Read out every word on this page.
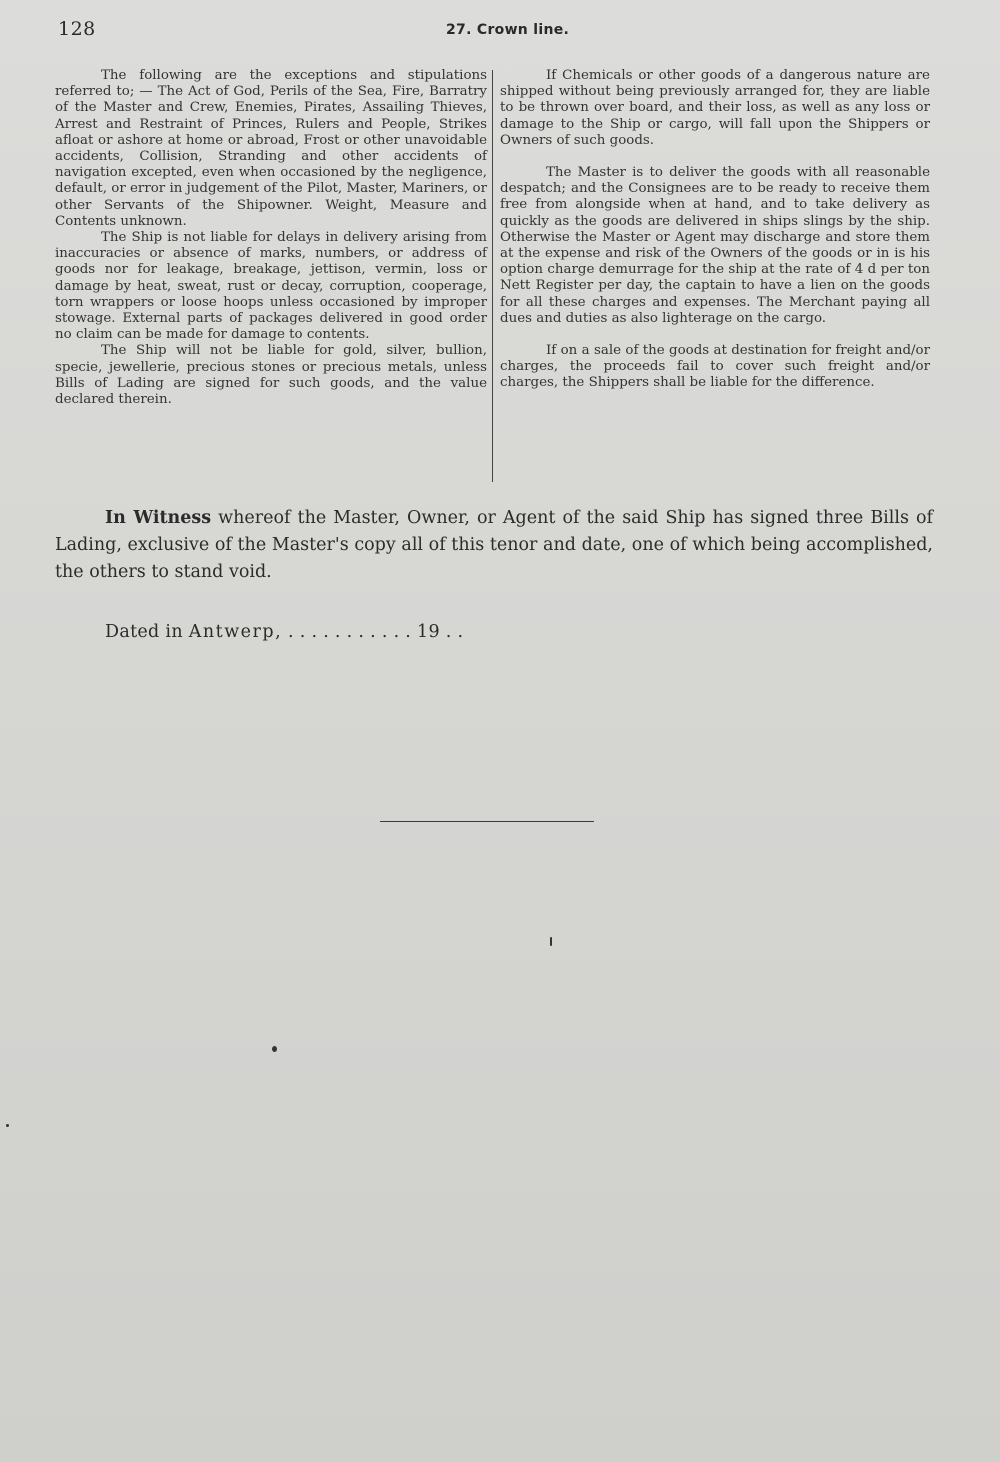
128	27. Crown line.

The following are the exceptions and stipulations referred to; — The Act of God, Perils of the Sea, Fire, Barratry of the Master and Crew, Enemies, Pirates, Assailing Thieves, Arrest and Restraint of Princes, Rulers and People, Strikes afloat or ashore at home or abroad, Frost or other unavoidable accidents, Collision, Stranding and other accidents of navigation excepted, even when occasioned by the negligence, default, or error in judgement of the Pilot, Master, Mariners, or other Servants of the Shipowner. Weight, Measure and Contents unknown.

The Ship is not liable for delays in delivery arising from inaccuracies or absence of marks, numbers, or address of goods nor for leakage, breakage, jettison, vermin, loss or damage by heat, sweat, rust or decay, corruption, cooperage, torn wrappers or loose hoops unless occasioned by improper stowage. External parts of packages delivered in good order no claim can be made for damage to contents.

The Ship will not be liable for gold, silver, bullion, specie, jewellerie, precious stones or precious metals, unless Bills of Lading are signed for such goods, and the value declared therein.

If Chemicals or other goods of a dangerous nature are shipped without being previously arranged for, they are liable to be thrown over board, and their loss, as well as any loss or damage to the Ship or cargo, will fall upon the Shippers or Owners of such goods.

The Master is to deliver the goods with all reasonable despatch; and the Consignees are to be ready to receive them free from alongside when at hand, and to take delivery as quickly as the goods are delivered in ships slings by the ship. Otherwise the Master or Agent may discharge and store them at the expense and risk of the Owners of the goods or in is his option charge demurrage for the ship at the rate of 4 d per ton Nett Register per day, the captain to have a lien on the goods for all these charges and expenses. The Merchant paying all dues and duties as also lighterage on the cargo.

If on a sale of the goods at destination for freight and/or charges, the proceeds fail to cover such freight and/or charges, the Shippers shall be liable for the difference.

In Witness whereof the Master, Owner, or Agent of the said Ship has signed three Bills of Lading, exclusive of the Master's copy all of this tenor and date, one of which being accomplished, the others to stand void.
Dated in Antwerp, . . . . . . . . . . . 19 . .
